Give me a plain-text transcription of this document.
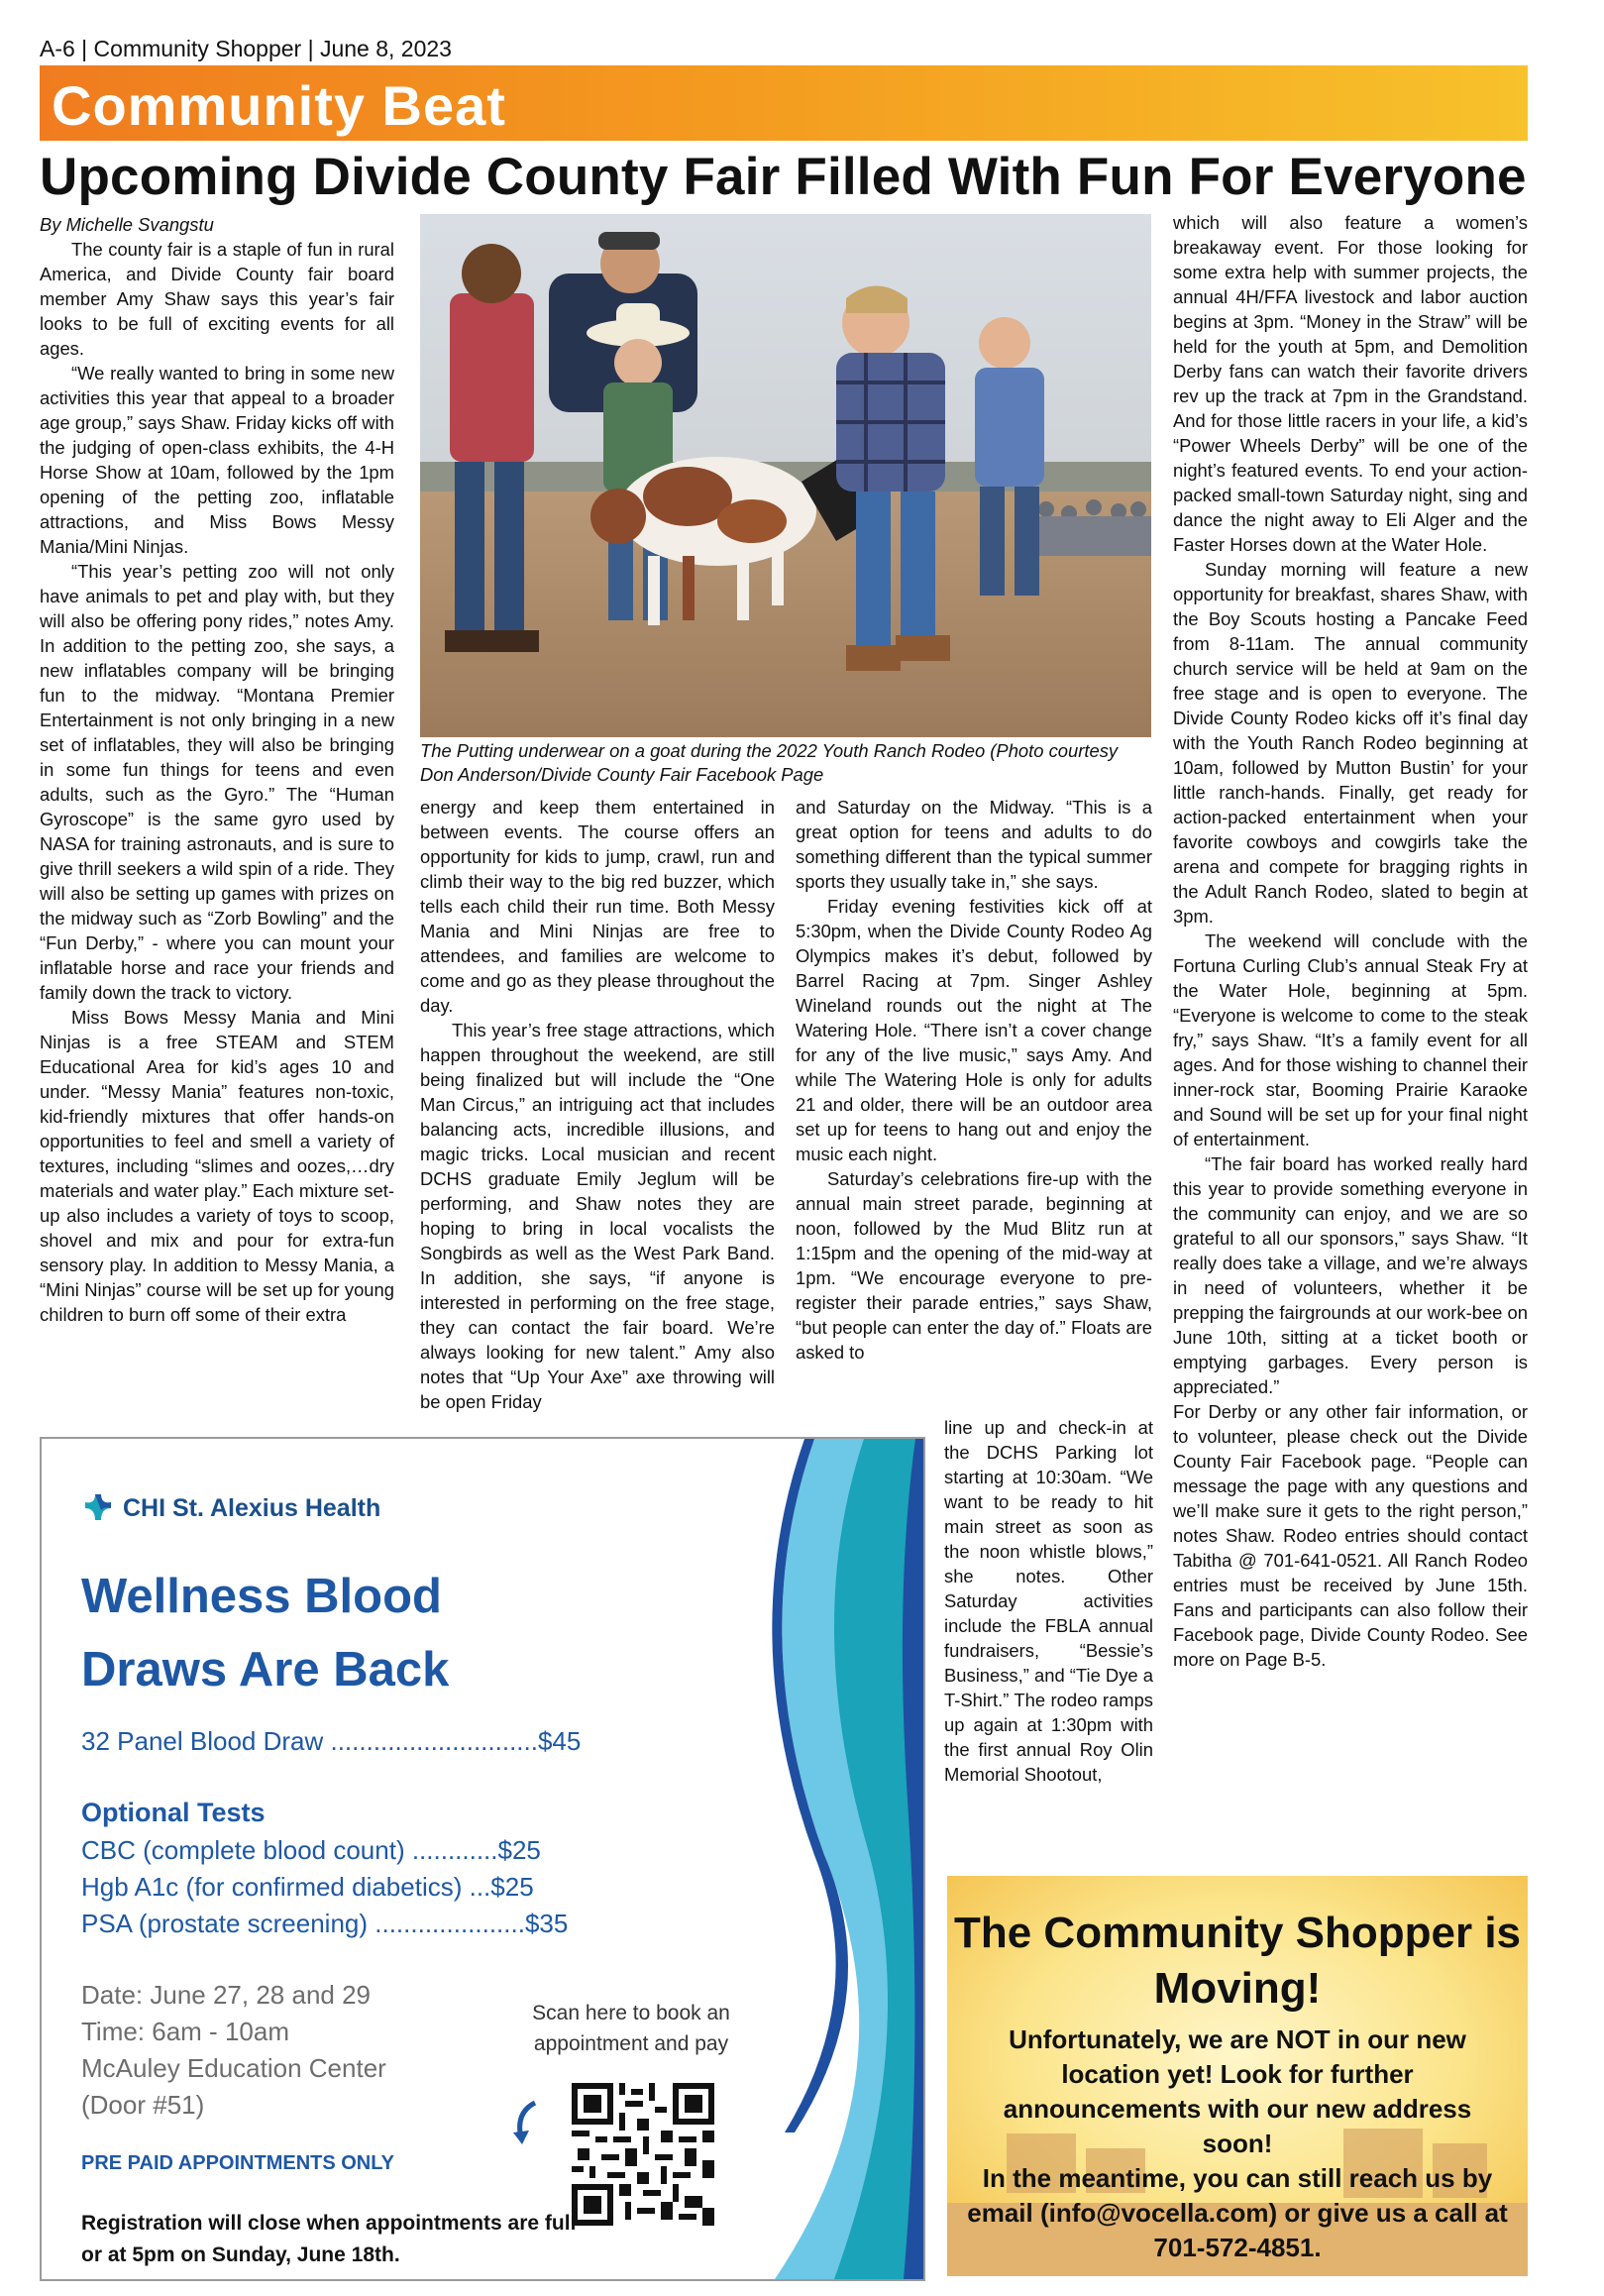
A-6 | Community Shopper | June 8, 2023
Community Beat
Upcoming Divide County Fair Filled With Fun For Everyone

By Michelle Svangstu

The county fair is a staple of fun in rural America, and Divide County fair board member Amy Shaw says this year’s fair looks to be full of exciting events for all ages.

“We really wanted to bring in some new activities this year that appeal to a broader age group,” says Shaw. Friday kicks off with the judging of open-class exhibits, the 4-H Horse Show at 10am, followed by the 1pm opening of the petting zoo, inflatable attractions, and Miss Bows Messy Mania/Mini Ninjas.

“This year’s petting zoo will not only have animals to pet and play with, but they will also be offering pony rides,” notes Amy. In addition to the petting zoo, she says, a new inflatables company will be bringing fun to the midway. “Montana Premier Entertainment is not only bringing in a new set of inflatables, they will also be bringing in some fun things for teens and even adults, such as the Gyro.” The “Human Gyroscope” is the same gyro used by NASA for training astronauts, and is sure to give thrill seekers a wild spin of a ride. They will also be setting up games with prizes on the midway such as “Zorb Bowling” and the “Fun Derby,” - where you can mount your inflatable horse and race your friends and family down the track to victory.

Miss Bows Messy Mania and Mini Ninjas is a free STEAM and STEM Educational Area for kid’s ages 10 and under. “Messy Mania” features non-toxic, kid-friendly mixtures that offer hands-on opportunities to feel and smell a variety of textures, including “slimes and oozes,…dry materials and water play.” Each mixture set-up also includes a variety of toys to scoop, shovel and mix and pour for extra-fun sensory play. In addition to Messy Mania, a “Mini Ninjas” course will be set up for young children to burn off some of their extra

The Putting underwear on a goat during the 2022 Youth Ranch Rodeo (Photo courtesy Don Anderson/Divide County Fair Facebook Page

energy and keep them entertained in between events. The course offers an opportunity for kids to jump, crawl, run and climb their way to the big red buzzer, which tells each child their run time. Both Messy Mania and Mini Ninjas are free to attendees, and families are welcome to come and go as they please throughout the day.

This year’s free stage attractions, which happen throughout the weekend, are still being finalized but will include the “One Man Circus,” an intriguing act that includes balancing acts, incredible illusions, and magic tricks. Local musician and recent DCHS graduate Emily Jeglum will be performing, and Shaw notes they are hoping to bring in local vocalists the Songbirds as well as the West Park Band. In addition, she says, “if anyone is interested in performing on the free stage, they can contact the fair board. We’re always looking for new talent.” Amy also notes that “Up Your Axe” axe throwing will be open Friday

and Saturday on the Midway. “This is a great option for teens and adults to do something different than the typical summer sports they usually take in,” she says.

Friday evening festivities kick off at 5:30pm, when the Divide County Rodeo Ag Olympics makes it’s debut, followed by Barrel Racing at 7pm. Singer Ashley Wineland rounds out the night at The Watering Hole. “There isn’t a cover change for any of the live music,” says Amy. And while The Watering Hole is only for adults 21 and older, there will be an outdoor area set up for teens to hang out and enjoy the music each night.

Saturday’s celebrations fire-up with the annual main street parade, beginning at noon, followed by the Mud Blitz run at 1:15pm and the opening of the mid-way at 1pm. “We encourage everyone to pre-register their parade entries,” says Shaw, “but people can enter the day of.” Floats are asked to

line up and check-in at the DCHS Parking lot starting at 10:30am. “We want to be ready to hit main street as soon as the noon whistle blows,” she notes. Other Saturday activities include the FBLA annual fundraisers, “Bessie’s Business,” and “Tie Dye a T-Shirt.” The rodeo ramps up again at 1:30pm with the first annual Roy Olin Memorial Shootout,

which will also feature a women’s breakaway event. For those looking for some extra help with summer projects, the annual 4H/FFA livestock and labor auction begins at 3pm. “Money in the Straw” will be held for the youth at 5pm, and Demolition Derby fans can watch their favorite drivers rev up the track at 7pm in the Grandstand. And for those little racers in your life, a kid’s “Power Wheels Derby” will be one of the night’s featured events. To end your action-packed small-town Saturday night, sing and dance the night away to Eli Alger and the Faster Horses down at the Water Hole.

Sunday morning will feature a new opportunity for breakfast, shares Shaw, with the Boy Scouts hosting a Pancake Feed from 8-11am. The annual community church service will be held at 9am on the free stage and is open to everyone. The Divide County Rodeo kicks off it’s final day with the Youth Ranch Rodeo beginning at 10am, followed by Mutton Bustin’ for your little ranch-hands. Finally, get ready for action-packed entertainment when your favorite cowboys and cowgirls take the arena and compete for bragging rights in the Adult Ranch Rodeo, slated to begin at 3pm.

The weekend will conclude with the Fortuna Curling Club’s annual Steak Fry at the Water Hole, beginning at 5pm. “Everyone is welcome to come to the steak fry,” says Shaw. “It’s a family event for all ages. And for those wishing to channel their inner-rock star, Booming Prairie Karaoke and Sound will be set up for your final night of entertainment.

“The fair board has worked really hard this year to provide something everyone in the community can enjoy, and we are so grateful to all our sponsors,” says Shaw. “It really does take a village, and we’re always in need of volunteers, whether it be prepping the fairgrounds at our work-bee on June 10th, sitting at a ticket booth or emptying garbages. Every person is appreciated.”

For Derby or any other fair information, or to volunteer, please check out the Divide County Fair Facebook page. “People can message the page with any questions and we’ll make sure it gets to the right person,” notes Shaw. Rodeo entries should contact Tabitha @ 701-641-0521. All Ranch Rodeo entries must be received by June 15th. Fans and participants can also follow their Facebook page, Divide County Rodeo. See more on Page B-5.

CHI St. Alexius Health
Wellness Blood Draws Are Back
32 Panel Blood Draw .............................$45
Optional Tests
CBC (complete blood count) ............$25
Hgb A1c (for confirmed diabetics) ...$25
PSA (prostate screening) .....................$35
Date: June 27, 28 and 29
Time: 6am - 10am
McAuley Education Center
(Door #51)
Scan here to book an appointment and pay
PRE PAID APPOINTMENTS ONLY
Registration will close when appointments are full or at 5pm on Sunday, June 18th.
The Community Shopper is Moving!
Unfortunately, we are NOT in our new location yet! Look for further announcements with our new address soon!
In the meantime, you can still reach us by email (info@vocella.com) or give us a call at 701-572-4851.
